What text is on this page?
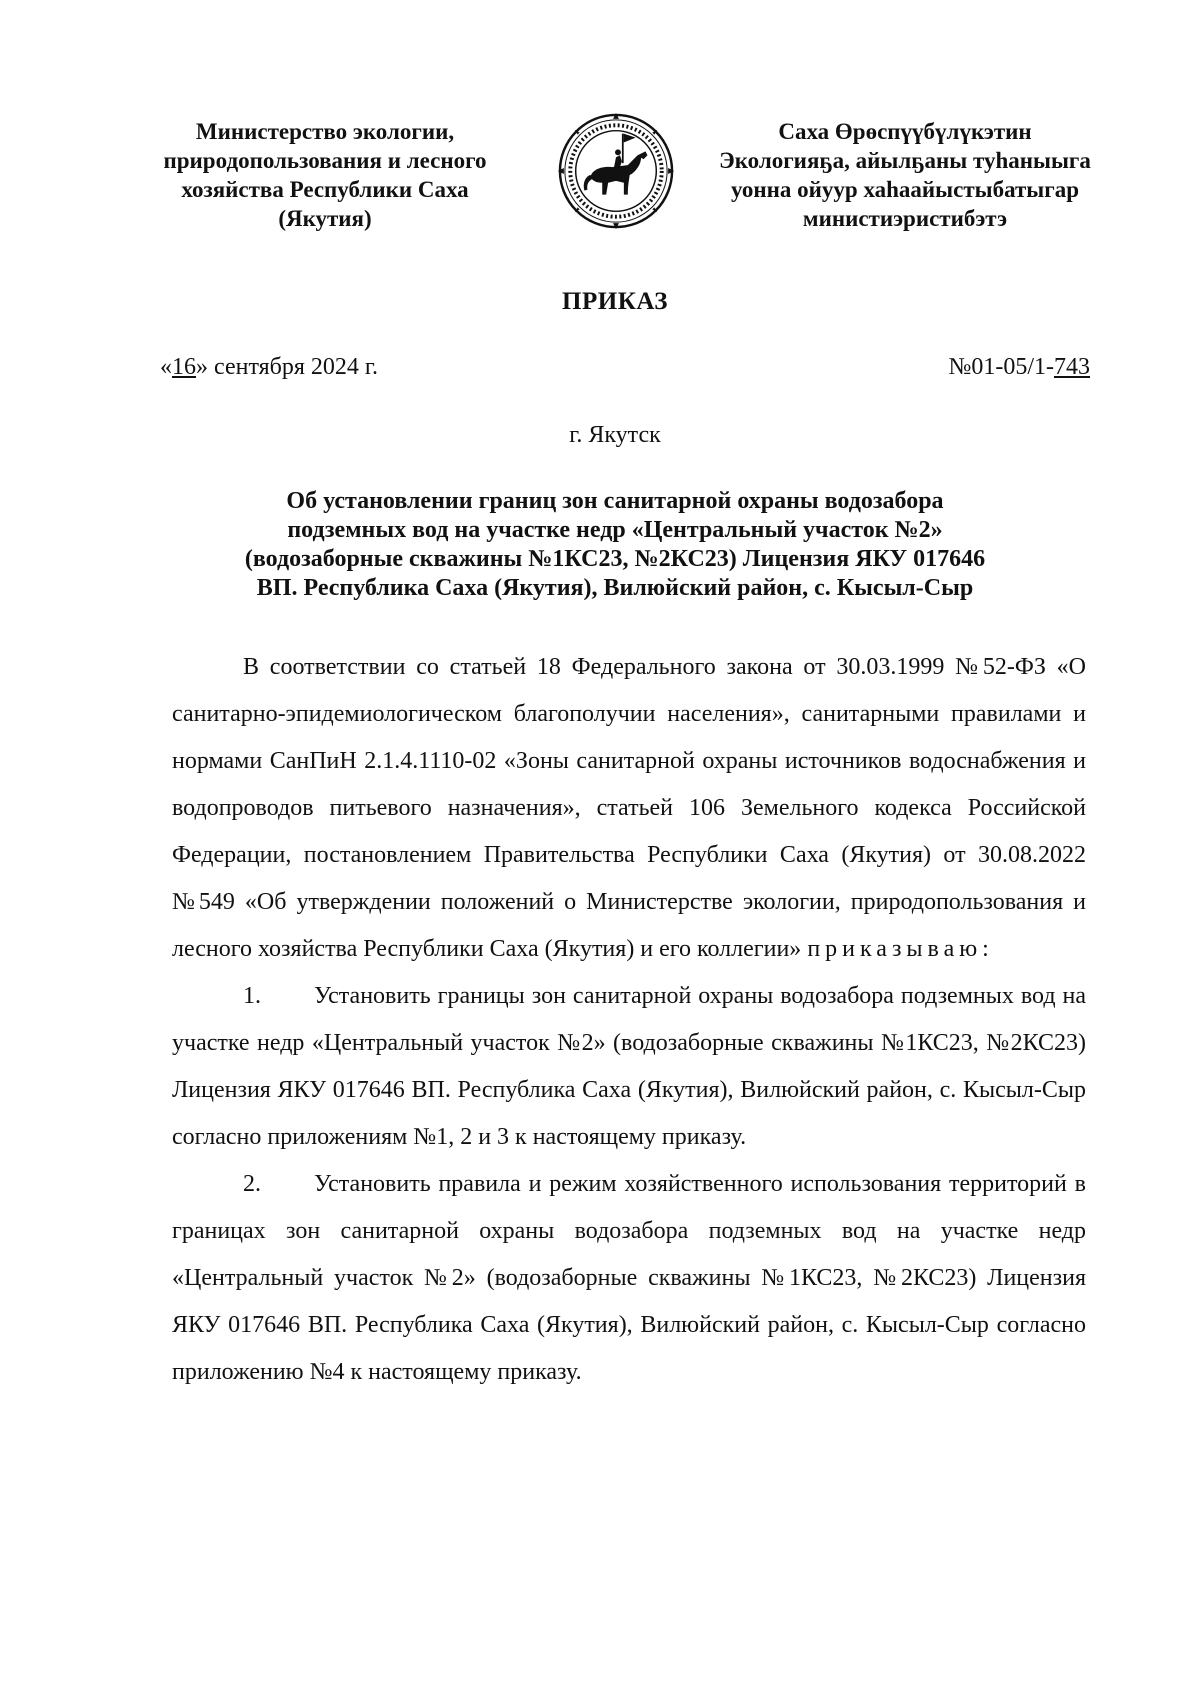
Министерство экологии,
природопользования и лесного
хозяйства Республики Саха
(Якутия)
Саха Өрөспүүбүлүкэтин
Экологияҕа, айылҕаны туһаныыга
уонна ойуур хаһаайыстыбатыгар
министиэристибэтэ
ПРИКАЗ
«16» сентября 2024 г.	№01-05/1-743
г. Якутск
Об установлении границ зон санитарной охраны водозабора
подземных вод на участке недр «Центральный участок №2»
(водозаборные скважины №1КС23, №2КС23) Лицензия ЯКУ 017646
ВП. Республика Саха (Якутия), Вилюйский район, с. Кысыл-Сыр

В соответствии со статьей 18 Федерального закона от 30.03.1999 №52-ФЗ «О санитарно-эпидемиологическом благополучии населения», санитарными правилами и нормами СанПиН 2.1.4.1110-02 «Зоны санитарной охраны источников водоснабжения и водопроводов питьевого назначения», статьей 106 Земельного кодекса Российской Федерации, постановлением Правительства Республики Саха (Якутия) от 30.08.2022 №549 «Об утверждении положений о Министерстве экологии, природопользования и лесного хозяйства Республики Саха (Якутия) и его коллегии» приказываю:

1. Установить границы зон санитарной охраны водозабора подземных вод на участке недр «Центральный участок №2» (водозаборные скважины №1КС23, №2КС23) Лицензия ЯКУ 017646 ВП. Республика Саха (Якутия), Вилюйский район, с. Кысыл-Сыр согласно приложениям №1, 2 и 3 к настоящему приказу.

2. Установить правила и режим хозяйственного использования территорий в границах зон санитарной охраны водозабора подземных вод на участке недр «Центральный участок №2» (водозаборные скважины №1КС23, №2КС23) Лицензия ЯКУ 017646 ВП. Республика Саха (Якутия), Вилюйский район, с. Кысыл-Сыр согласно приложению №4 к настоящему приказу.
